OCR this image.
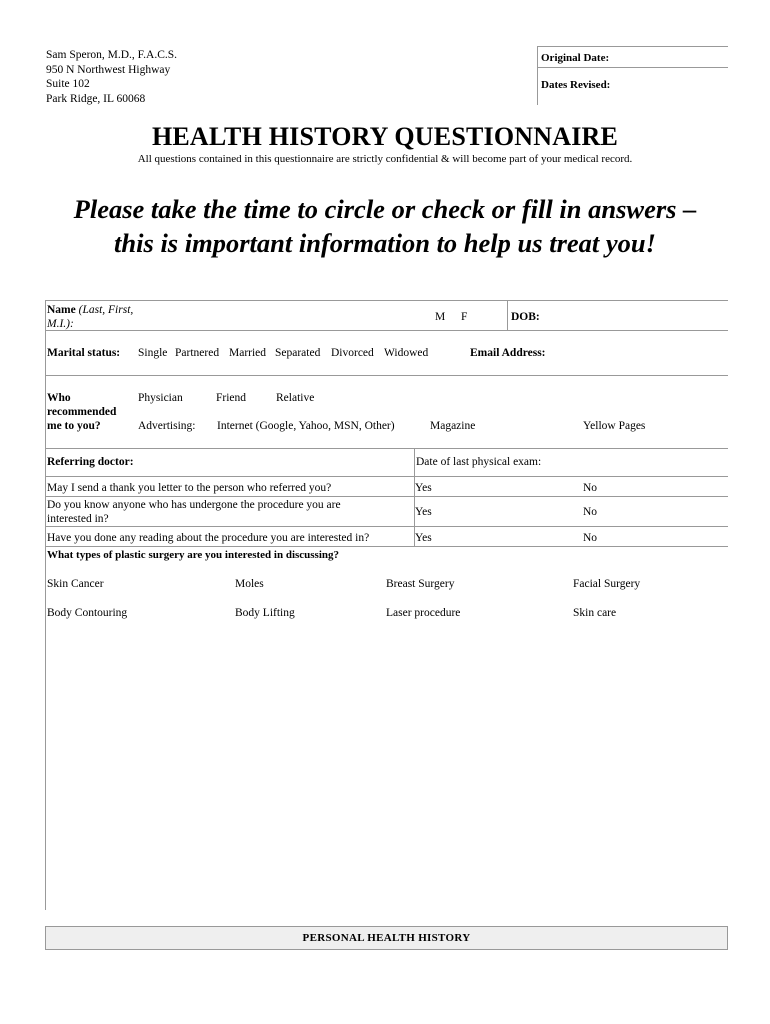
Sam Speron, M.D., F.A.C.S.
950 N Northwest Highway
Suite 102
Park Ridge, IL 60068
Original Date:
Dates Revised:
HEALTH HISTORY QUESTIONNAIRE
All questions contained in this questionnaire are strictly confidential & will become part of your medical record.
Please take the time to circle or check or fill in answers –
this is important information to help us treat you!
Name (Last, First,
M.I.):
M F	DOB:
Marital status: Single Partnered Married Separated Divorced Widowed	Email Address:
Who
recommended
me to you?
Physician	Friend	Relative
Advertising: Internet (Google, Yahoo, MSN, Other)	Magazine	Yellow Pages
Referring doctor:	Date of last physical exam:
May I send a thank you letter to the person who referred you?	Yes	No
Do you know anyone who has undergone the procedure you are
interested in?
Yes	No
Have you done any reading about the procedure you are interested in?	Yes	No
What types of plastic surgery are you interested in discussing?
Skin Cancer	Moles	Breast Surgery	Facial Surgery
Body Contouring	Body Lifting	Laser procedure	Skin care
PERSONAL HEALTH HISTORY
